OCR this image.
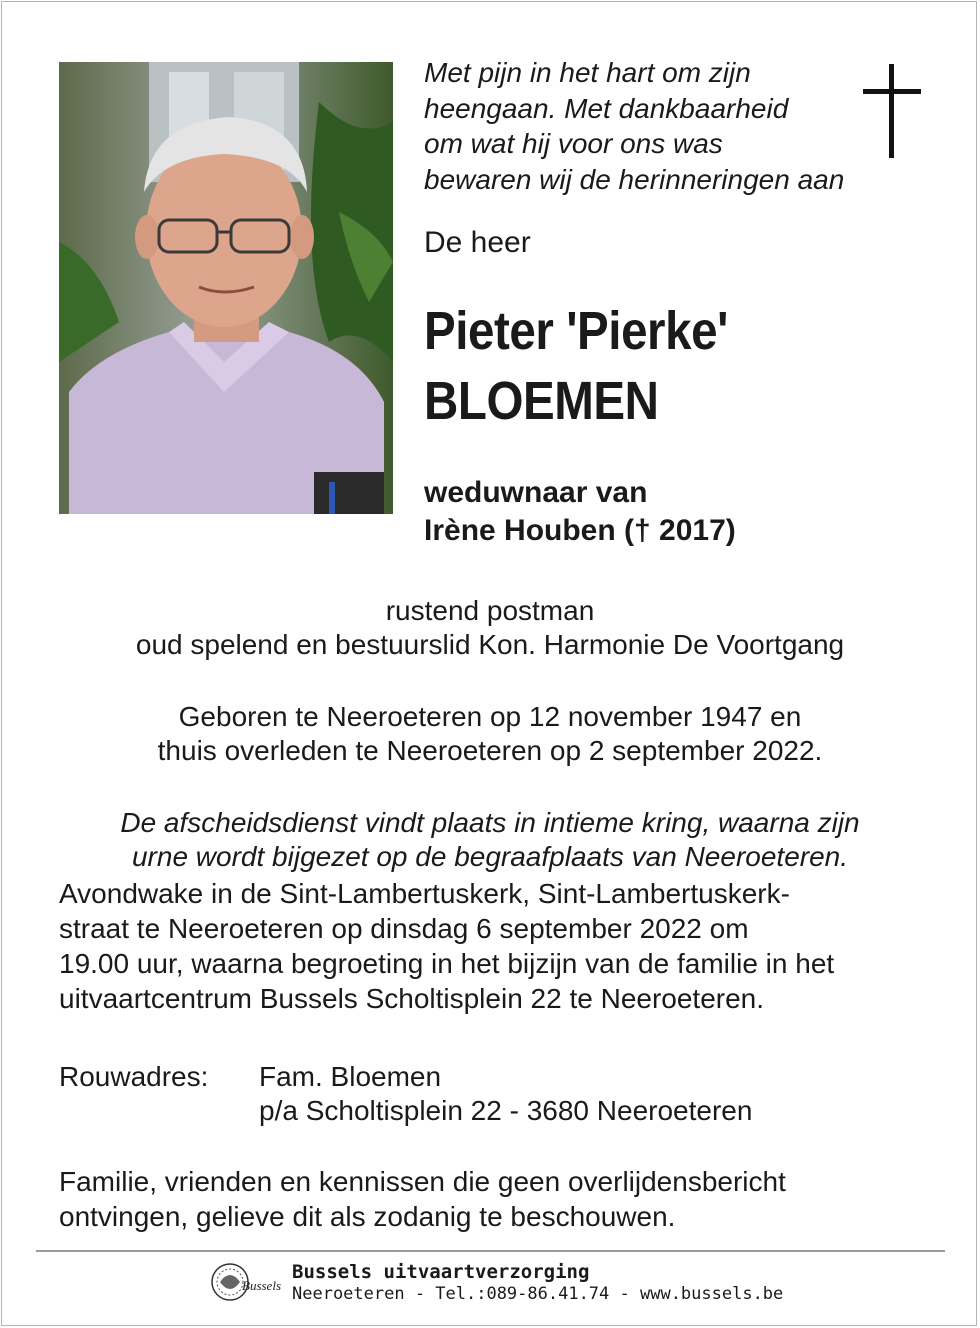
Met pijn in het hart om zijn
heengaan. Met dankbaarheid
om wat hij voor ons was
bewaren wij de herinneringen aan

De heer
Pieter 'Pierke'
BLOEMEN
weduwnaar van
Irène Houben († 2017)
rustend postman
oud spelend en bestuurslid Kon. Harmonie De Voortgang
Geboren te Neeroeteren op 12 november 1947 en
thuis overleden te Neeroeteren op 2 september 2022.
De afscheidsdienst vindt plaats in intieme kring, waarna zijn
urne wordt bijgezet op de begraafplaats van Neeroeteren.
Avondwake in de Sint-Lambertuskerk, Sint-Lambertuskerk-
straat te Neeroeteren op dinsdag 6 september 2022 om
19.00 uur, waarna begroeting in het bijzijn van de familie in het
uitvaartcentrum Bussels Scholtisplein 22 te Neeroeteren.
Rouwadres: Fam. Bloemen
p/a Scholtisplein 22 - 3680 Neeroeteren
Familie, vrienden en kennissen die geen overlijdensbericht
ontvingen, gelieve dit als zodanig te beschouwen.
Bussels
Bussels uitvaartverzorging
Neeroeteren - Tel.:089-86.41.74 - www.bussels.be
